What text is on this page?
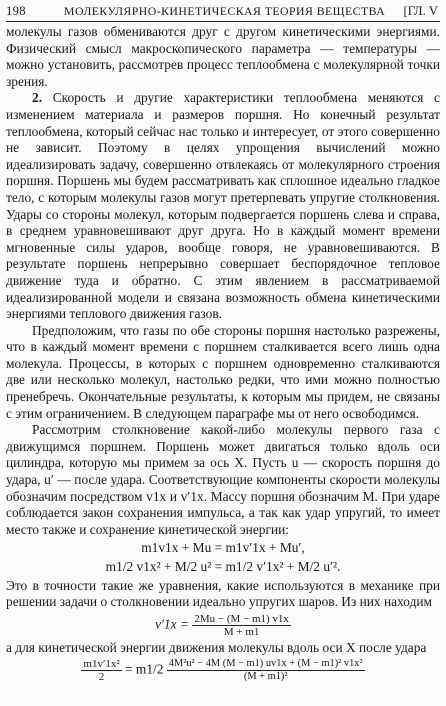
198	МОЛЕКУЛЯРНО-КИНЕТИЧЕСКАЯ ТЕОРИЯ ВЕЩЕСТВА [ГЛ. V

молекулы газов обмениваются друг с другом кинетическими энергиями. Физический смысл макроскопического параметра — температуры — можно установить, рассмотрев процесс теплообмена с молекулярной точки зрения.

2. Скорость и другие характеристики теплообмена меняются с изменением материала и размеров поршня. Но конечный результат теплообмена, который сейчас нас только и интересует, от этого совершенно не зависит. Поэтому в целях упрощения вычислений можно идеализировать задачу, совершенно отвлекаясь от молекулярного строения поршня. Поршень мы будем рассматривать как сплошное идеально гладкое тело, с которым молекулы газов могут претерпевать упругие столкновения. Удары со стороны молекул, которым подвергается поршень слева и справа, в среднем уравновешивают друг друга. Но в каждый момент времени мгновенные силы ударов, вообще говоря, не уравновешиваются. В результате поршень непрерывно совершает беспорядочное тепловое движение туда и обратно. С этим явлением в рассматриваемой идеализированной модели и связана возможность обмена кинетическими энергиями теплового движения газов.

Предположим, что газы по обе стороны поршня настолько разрежены, что в каждый момент времени с поршнем сталкивается всего лишь одна молекула. Процессы, в которых с поршнем одновременно сталкиваются две или несколько молекул, настолько редки, что ими можно полностью пренебречь. Окончательные результаты, к которым мы придем, не связаны с этим ограничением. В следующем параграфе мы от него освободимся.

Рассмотрим столкновение какой-либо молекулы первого газа с движущимся поршнем. Поршень может двигаться только вдоль оси цилиндра, которую мы примем за ось X. Пусть u — скорость поршня до удара, u′ — после удара. Соответствующие компоненты скорости молекулы обозначим посредством v1x и v′1x. Массу поршня обозначим M. При ударе соблюдается закон сохранения импульса, а так как удар упругий, то имеет место также и сохранение кинетической энергии:

m1v1x + Mu = m1v′1x + Mu′,
m1/2 v1x² + M/2 u² = m1/2 v′1x² + M/2 u′².

Это в точности такие же уравнения, какие используются в механике при решении задачи о столкновении идеально упругих шаров. Из них находим

$v'1x = \frac{2Mu - (M - m1) v1x}{M + m1}$

а для кинетической энергии движения молекулы вдоль оси X после удара

$\frac{\text{m1v′1x²}}{2} = m1/2 \frac{\text{4M²u² − 4M (M − m1) uv1x + (M − m1)² v1x²}}{\text{(M + m1)²}}$
